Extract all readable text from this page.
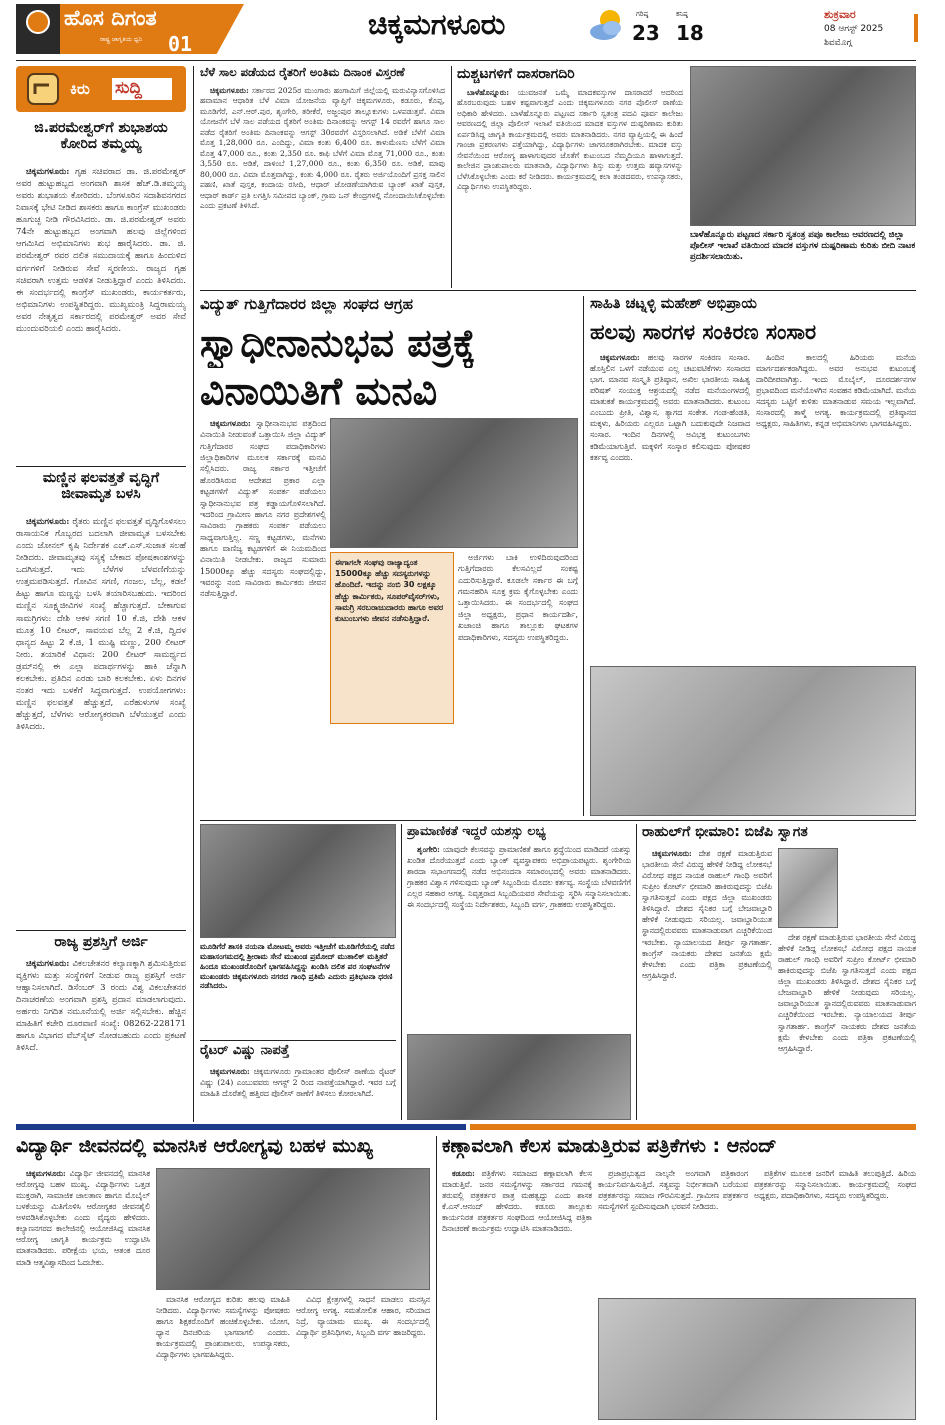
ಹೊಸ ದಿಗಂತ
ರಾಷ್ಟ್ರ ಜಾಗೃತಿಯ ಧ್ವನಿ	01
ಚಿಕ್ಕಮಗಳೂರು	ಗರಿಷ್ಠ
23
ಕನಿಷ್ಠ
18
ಶುಕ್ರವಾರ
08 ಆಗಸ್ಟ್ 2025
ಶಿವಮೊಗ್ಗ
ಕಿರು	ಸುದ್ದಿ
ಜಿ.ಪರಮೇಶ್ವರ್‌ಗೆ ಶುಭಾಶಯ ಕೋರಿದ ತಮ್ಮಯ್ಯ

ಚಿಕ್ಕಮಗಳೂರು: ಗೃಹ ಸಚಿವರಾದ ಡಾ. ಜಿ.ಪರಮೇಶ್ವರ್ ಅವರ ಹುಟ್ಟುಹಬ್ಬದ ಅಂಗವಾಗಿ ಶಾಸಕ ಹೆಚ್.ಡಿ.ತಮ್ಮಯ್ಯ ಅವರು ಶುಭಾಶಯ ಕೋರಿದರು. ಬೆಂಗಳೂರಿನ ಸದಾಶಿವನಗರದ ನಿವಾಸಕ್ಕೆ ಭೇಟಿ ನೀಡಿದ ಶಾಸಕರು ಹಾಗೂ ಕಾಂಗ್ರೆಸ್ ಮುಖಂಡರು ಹೂಗುಚ್ಛ ನೀಡಿ ಗೌರವಿಸಿದರು. ಡಾ. ಜಿ.ಪರಮೇಶ್ವರ್ ಅವರು 74ನೇ ಹುಟ್ಟುಹಬ್ಬದ ಅಂಗವಾಗಿ ಹಲವು ಜಿಲ್ಲೆಗಳಿಂದ ಆಗಮಿಸಿದ ಅಭಿಮಾನಿಗಳು ಶುಭ ಹಾರೈಸಿದರು. ಡಾ. ಜಿ. ಪರಮೇಶ್ವರ್ ರವರ ದಲಿತ ಸಮುದಾಯಕ್ಕೆ ಹಾಗೂ ಹಿಂದುಳಿದ ವರ್ಗಗಳಿಗೆ ನೀಡಿರುವ ಸೇವೆ ಸ್ಮರಣೀಯ. ರಾಜ್ಯದ ಗೃಹ ಸಚಿವರಾಗಿ ಉತ್ತಮ ಆಡಳಿತ ನೀಡುತ್ತಿದ್ದಾರೆ ಎಂದು ತಿಳಿಸಿದರು. ಈ ಸಂದರ್ಭದಲ್ಲಿ ಕಾಂಗ್ರೆಸ್ ಮುಖಂಡರು, ಕಾರ್ಯಕರ್ತರು, ಅಭಿಮಾನಿಗಳು ಉಪಸ್ಥಿತರಿದ್ದರು. ಮುಖ್ಯಮಂತ್ರಿ ಸಿದ್ದರಾಮಯ್ಯ ಅವರ ನೇತೃತ್ವದ ಸರ್ಕಾರದಲ್ಲಿ ಪರಮೇಶ್ವರ್ ಅವರ ಸೇವೆ ಮುಂದುವರಿಯಲಿ ಎಂದು ಹಾರೈಸಿದರು.

ಮಣ್ಣಿನ ಫಲವತ್ತತೆ ವೃದ್ಧಿಗೆ ಜೀವಾಮೃತ ಬಳಸಿ

ಚಿಕ್ಕಮಗಳೂರು: ರೈತರು ಮಣ್ಣಿನ ಫಲವತ್ತತೆ ವೃದ್ಧಿಗೊಳಿಸಲು ರಾಸಾಯನಿಕ ಗೊಬ್ಬರದ ಬದಲಾಗಿ ಜೀವಾಮೃತ ಬಳಸಬೇಕು ಎಂದು ಜೋನಲ್ ಕೃಷಿ ನಿರ್ದೇಶಕ ಎಚ್.ಎಸ್.ಸುಜಾತ ಸಲಹೆ ನೀಡಿದರು. ಜೀವಾಮೃತವು ಸಸ್ಯಕ್ಕೆ ಬೇಕಾದ ಪೋಷಕಾಂಶಗಳನ್ನು ಒದಗಿಸುತ್ತದೆ. ಇದು ಬೆಳೆಗಳ ಬೆಳವಣಿಗೆಯನ್ನು ಉತ್ತಮಪಡಿಸುತ್ತದೆ. ಗೋವಿನ ಸಗಣಿ, ಗಂಜಲ, ಬೆಲ್ಲ, ಕಡಲೆ ಹಿಟ್ಟು ಹಾಗೂ ಮಣ್ಣನ್ನು ಬಳಸಿ ತಯಾರಿಸಬಹುದು. ಇದರಿಂದ ಮಣ್ಣಿನ ಸೂಕ್ಷ್ಮಜೀವಿಗಳ ಸಂಖ್ಯೆ ಹೆಚ್ಚಾಗುತ್ತದೆ. ಬೇಕಾಗುವ ಸಾಮಗ್ರಿಗಳು: ದೇಶಿ ಆಕಳ ಸಗಣಿ 10 ಕೆ.ಜಿ, ದೇಶಿ ಆಕಳ ಮೂತ್ರ 10 ಲೀಟರ್, ಸಾವಯವ ಬೆಲ್ಲ 2 ಕೆ.ಜಿ, ದ್ವಿದಳ ಧಾನ್ಯದ ಹಿಟ್ಟು 2 ಕೆ.ಜಿ, 1 ಮುಷ್ಟಿ ಮಣ್ಣು, 200 ಲೀಟರ್ ನೀರು. ತಯಾರಿಕೆ ವಿಧಾನ: 200 ಲೀಟರ್ ಸಾಮರ್ಥ್ಯದ ಡ್ರಮ್‌ನಲ್ಲಿ ಈ ಎಲ್ಲಾ ಪದಾರ್ಥಗಳನ್ನು ಹಾಕಿ ಚೆನ್ನಾಗಿ ಕಲಕಬೇಕು. ಪ್ರತಿದಿನ ಎರಡು ಬಾರಿ ಕಲಕಬೇಕು. ಏಳು ದಿನಗಳ ನಂತರ ಇದು ಬಳಕೆಗೆ ಸಿದ್ಧವಾಗುತ್ತದೆ. ಉಪಯೋಗಗಳು: ಮಣ್ಣಿನ ಫಲವತ್ತತೆ ಹೆಚ್ಚುತ್ತದೆ, ಎರೆಹುಳುಗಳ ಸಂಖ್ಯೆ ಹೆಚ್ಚುತ್ತದೆ, ಬೆಳೆಗಳು ಆರೋಗ್ಯಕರವಾಗಿ ಬೆಳೆಯುತ್ತವೆ ಎಂದು ತಿಳಿಸಿದರು.

ರಾಜ್ಯ ಪ್ರಶಸ್ತಿಗೆ ಅರ್ಜಿ

ಚಿಕ್ಕಮಗಳೂರು: ವಿಕಲಚೇತನರ ಕಲ್ಯಾಣಕ್ಕಾಗಿ ಶ್ರಮಿಸುತ್ತಿರುವ ವ್ಯಕ್ತಿಗಳು ಮತ್ತು ಸಂಸ್ಥೆಗಳಿಗೆ ನೀಡುವ ರಾಜ್ಯ ಪ್ರಶಸ್ತಿಗೆ ಅರ್ಜಿ ಆಹ್ವಾನಿಸಲಾಗಿದೆ. ಡಿಸೆಂಬರ್ 3 ರಂದು ವಿಶ್ವ ವಿಕಲಚೇತನರ ದಿನಾಚರಣೆಯ ಅಂಗವಾಗಿ ಪ್ರಶಸ್ತಿ ಪ್ರದಾನ ಮಾಡಲಾಗುವುದು. ಅರ್ಹರು ನಿಗದಿತ ನಮೂನೆಯಲ್ಲಿ ಅರ್ಜಿ ಸಲ್ಲಿಸಬೇಕು. ಹೆಚ್ಚಿನ ಮಾಹಿತಿಗೆ ಕಚೇರಿ ದೂರವಾಣಿ ಸಂಖ್ಯೆ: 08262-228171 ಹಾಗೂ ವಿಭಾಗದ ವೆಬ್‌ಸೈಟ್ ನೋಡಬಹುದು ಎಂದು ಪ್ರಕಟಣೆ ತಿಳಿಸಿದೆ.

ಬೆಳೆ ಸಾಲ ಪಡೆಯದ ರೈತರಿಗೆ ಅಂತಿಮ ದಿನಾಂಕ ವಿಸ್ತರಣೆ

ಚಿಕ್ಕಮಗಳೂರು: ಸರ್ಕಾರದ 2025ರ ಮುಂಗಾರು ಹಂಗಾಮಿಗೆ ಜಿಲ್ಲೆಯಲ್ಲಿ ಮರುವಿನ್ಯಾಸಗೊಳಿಸಿದ ಹವಾಮಾನ ಆಧಾರಿತ ಬೆಳೆ ವಿಮಾ ಯೋಜನೆಯ ವ್ಯಾಪ್ತಿಗೆ ಚಿಕ್ಕಮಗಳೂರು, ಕಡೂರು, ಕೊಪ್ಪ, ಮೂಡಿಗೆರೆ, ಎನ್.ಆರ್.ಪುರ, ಶೃಂಗೇರಿ, ತರೀಕೆರೆ, ಅಜ್ಜಂಪುರ ತಾಲ್ಲೂಕುಗಳು ಒಳಪಡುತ್ತವೆ. ವಿಮಾ ಯೋಜನೆಗೆ ಬೆಳೆ ಸಾಲ ಪಡೆಯದ ರೈತರಿಗೆ ಅಂತಿಮ ದಿನಾಂಕವನ್ನು ಆಗಸ್ಟ್ 14 ರವರೆಗೆ ಹಾಗೂ ಸಾಲ ಪಡೆದ ರೈತರಿಗೆ ಅಂತಿಮ ದಿನಾಂಕವನ್ನು ಆಗಸ್ಟ್ 30ರವರೆಗೆ ವಿಸ್ತರಿಸಲಾಗಿದೆ. ಅಡಿಕೆ ಬೆಳೆಗೆ ವಿಮಾ ಮೊತ್ತ 1,28,000 ರೂ. ಎಂದಿದ್ದು, ವಿಮಾ ಕಂತು 6,400 ರೂ. ಕಾಳುಮೆಣಸು ಬೆಳೆಗೆ ವಿಮಾ ಮೊತ್ತ 47,000 ರೂ., ಕಂತು 2,350 ರೂ. ಕಾಫಿ ಬೆಳೆಗೆ ವಿಮಾ ಮೊತ್ತ 71,000 ರೂ., ಕಂತು 3,550 ರೂ. ಅಡಿಕೆ, ದಾಳಿಂಬೆ 1,27,000 ರೂ., ಕಂತು 6,350 ರೂ. ಅಡಿಕೆ, ಮಾವು 80,000 ರೂ. ವಿಮಾ ಮೊತ್ತವಾಗಿದ್ದು, ಕಂತು 4,000 ರೂ. ರೈತರು ಅರ್ಜಿಯೊಂದಿಗೆ ಪ್ರಸಕ್ತ ಸಾಲಿನ ಪಹಣಿ, ಖಾತೆ ಪುಸ್ತಕ, ಕಂದಾಯ ರಸೀದಿ, ಆಧಾರ್ ಜೋಡಣೆಯಾಗಿರುವ ಬ್ಯಾಂಕ್ ಖಾತೆ ಪುಸ್ತಕ, ಆಧಾರ್ ಕಾರ್ಡ್ ಪ್ರತಿ ಲಗತ್ತಿಸಿ ಸಮೀಪದ ಬ್ಯಾಂಕ್, ಗ್ರಾಮ ಒನ್ ಕೇಂದ್ರಗಳಲ್ಲಿ ನೋಂದಾಯಿಸಿಕೊಳ್ಳಬೇಕು ಎಂದು ಪ್ರಕಟಣೆ ತಿಳಿಸಿದೆ.

ದುಶ್ಚಟಗಳಿಗೆ ದಾಸರಾಗದಿರಿ

ಬಾಳೆಹೊನ್ನೂರು: ಯುವಜನತೆ ಒಮ್ಮೆ ಮಾದಕವಸ್ತುಗಳ ದಾಸರಾದರೆ ಅದರಿಂದ ಹೊರಬರುವುದು ಬಹಳ ಕಷ್ಟವಾಗುತ್ತದೆ ಎಂದು ಚಿಕ್ಕಮಗಳೂರು ನಗರ ಪೊಲೀಸ್ ಠಾಣೆಯ ಅಧಿಕಾರಿ ಹೇಳಿದರು. ಬಾಳೆಹೊನ್ನೂರು ಪಟ್ಟಣದ ಸರ್ಕಾರಿ ಸ್ವತಂತ್ರ ಪದವಿ ಪೂರ್ವ ಕಾಲೇಜು ಆವರಣದಲ್ಲಿ ಜಿಲ್ಲಾ ಪೊಲೀಸ್ ಇಲಾಖೆ ವತಿಯಿಂದ ಮಾದಕ ವಸ್ತುಗಳ ದುಷ್ಪರಿಣಾಮ ಕುರಿತು ಏರ್ಪಡಿಸಿದ್ದ ಜಾಗೃತಿ ಕಾರ್ಯಕ್ರಮದಲ್ಲಿ ಅವರು ಮಾತನಾಡಿದರು. ನಗರ ವ್ಯಾಪ್ತಿಯಲ್ಲಿ ಈ ಹಿಂದೆ ಗಾಂಜಾ ಪ್ರಕರಣಗಳು ಪತ್ತೆಯಾಗಿದ್ದು, ವಿದ್ಯಾರ್ಥಿಗಳು ಜಾಗರೂಕರಾಗಿರಬೇಕು. ಮಾದಕ ವಸ್ತು ಸೇವನೆಯಿಂದ ಆರೋಗ್ಯ ಹಾಳಾಗುವುದರ ಜೊತೆಗೆ ಕುಟುಂಬದ ನೆಮ್ಮದಿಯೂ ಹಾಳಾಗುತ್ತದೆ. ಕಾಲೇಜಿನ ಪ್ರಾಂಶುಪಾಲರು ಮಾತನಾಡಿ, ವಿದ್ಯಾರ್ಥಿಗಳು ಶಿಸ್ತು ಮತ್ತು ಉತ್ತಮ ಹವ್ಯಾಸಗಳನ್ನು ಬೆಳೆಸಿಕೊಳ್ಳಬೇಕು ಎಂದು ಕರೆ ನೀಡಿದರು. ಕಾರ್ಯಕ್ರಮದಲ್ಲಿ ಕಲಾ ತಂಡದವರು, ಉಪನ್ಯಾಸಕರು, ವಿದ್ಯಾರ್ಥಿಗಳು ಉಪಸ್ಥಿತರಿದ್ದರು.

ಬಾಳೆಹೊನ್ನೂರು ಪಟ್ಟಣದ ಸರ್ಕಾರಿ ಸ್ವತಂತ್ರ ಪಪೂ ಕಾಲೇಜು ಆವರಣದಲ್ಲಿ ಜಿಲ್ಲಾ ಪೊಲೀಸ್ ಇಲಾಖೆ ವತಿಯಿಂದ ಮಾದಕ ವಸ್ತುಗಳ ದುಷ್ಪರಿಣಾಮ ಕುರಿತು ಬೀದಿ ನಾಟಕ ಪ್ರದರ್ಶಿಸಲಾಯಿತು.
ವಿದ್ಯುತ್ ಗುತ್ತಿಗೆದಾರರ ಜಿಲ್ಲಾ ಸಂಘದ ಆಗ್ರಹ
ಸ್ವಾಧೀನಾನುಭವ ಪತ್ರಕ್ಕೆ
ವಿನಾಯಿತಿಗೆ ಮನವಿ

ಚಿಕ್ಕಮಗಳೂರು: ಸ್ವಾಧೀನಾನುಭವ ಪತ್ರದಿಂದ ವಿನಾಯಿತಿ ನೀಡುವಂತೆ ಒತ್ತಾಯಿಸಿ ಜಿಲ್ಲಾ ವಿದ್ಯುತ್ ಗುತ್ತಿಗೆದಾರರ ಸಂಘದ ಪದಾಧಿಕಾರಿಗಳು ಜಿಲ್ಲಾಧಿಕಾರಿಗಳ ಮೂಲಕ ಸರ್ಕಾರಕ್ಕೆ ಮನವಿ ಸಲ್ಲಿಸಿದರು. ರಾಜ್ಯ ಸರ್ಕಾರ ಇತ್ತೀಚೆಗೆ ಹೊರಡಿಸಿರುವ ಆದೇಶದ ಪ್ರಕಾರ ಎಲ್ಲಾ ಕಟ್ಟಡಗಳಿಗೆ ವಿದ್ಯುತ್ ಸಂಪರ್ಕ ಪಡೆಯಲು ಸ್ವಾಧೀನಾನುಭವ ಪತ್ರ ಕಡ್ಡಾಯಗೊಳಿಸಲಾಗಿದೆ. ಇದರಿಂದ ಗ್ರಾಮೀಣ ಹಾಗೂ ನಗರ ಪ್ರದೇಶಗಳಲ್ಲಿ ಸಾವಿರಾರು ಗ್ರಾಹಕರು ಸಂಪರ್ಕ ಪಡೆಯಲು ಸಾಧ್ಯವಾಗುತ್ತಿಲ್ಲ. ಸಣ್ಣ ಕಟ್ಟಡಗಳು, ಮನೆಗಳು ಹಾಗೂ ವಾಣಿಜ್ಯ ಕಟ್ಟಡಗಳಿಗೆ ಈ ನಿಯಮದಿಂದ ವಿನಾಯಿತಿ ನೀಡಬೇಕು. ರಾಜ್ಯದ ಸುಮಾರು 15000ಕ್ಕೂ ಹೆಚ್ಚು ಸದಸ್ಯರು ಸಂಘದಲ್ಲಿದ್ದು, ಇವರನ್ನು ನಂಬಿ ಸಾವಿರಾರು ಕಾರ್ಮಿಕರು ಜೀವನ ನಡೆಸುತ್ತಿದ್ದಾರೆ.

ಈಗಾಗಲೇ ಸಂಘವು ರಾಜ್ಯಾದ್ಯಂತ 15000ಕ್ಕೂ ಹೆಚ್ಚು ಸದಸ್ಯರುಗಳನ್ನು ಹೊಂದಿದೆ. ಇದನ್ನು ನಂಬಿ 30 ಲಕ್ಷಕ್ಕೂ ಹೆಚ್ಚು ಕಾರ್ಮಿಕರು, ಸೂಪರ್‌ವೈಸರ್‌ಗಳು, ಸಾಮಗ್ರಿ ಸರಬರಾಜುದಾರರು ಹಾಗೂ ಅವರ ಕುಟುಂಬಗಳು ಜೀವನ ನಡೆಸುತ್ತಿದ್ದಾರೆ.

ಅರ್ಜಿಗಳು ಬಾಕಿ ಉಳಿದಿರುವುದರಿಂದ ಗುತ್ತಿಗೆದಾರರು ಕೆಲಸವಿಲ್ಲದೆ ಸಂಕಷ್ಟ ಎದುರಿಸುತ್ತಿದ್ದಾರೆ. ಕೂಡಲೇ ಸರ್ಕಾರ ಈ ಬಗ್ಗೆ ಗಮನಹರಿಸಿ ಸೂಕ್ತ ಕ್ರಮ ಕೈಗೊಳ್ಳಬೇಕು ಎಂದು ಒತ್ತಾಯಿಸಿದರು. ಈ ಸಂದರ್ಭದಲ್ಲಿ ಸಂಘದ ಜಿಲ್ಲಾ ಅಧ್ಯಕ್ಷರು, ಪ್ರಧಾನ ಕಾರ್ಯದರ್ಶಿ, ಖಜಾಂಚಿ ಹಾಗೂ ತಾಲ್ಲೂಕು ಘಟಕಗಳ ಪದಾಧಿಕಾರಿಗಳು, ಸದಸ್ಯರು ಉಪಸ್ಥಿತರಿದ್ದರು.

ಸಾಹಿತಿ ಚಟ್ನಳ್ಳಿ ಮಹೇಶ್ ಅಭಿಪ್ರಾಯ
ಹಲವು ಸಾರಗಳ ಸಂಕಿರಣ ಸಂಸಾರ

ಚಿಕ್ಕಮಗಳೂರು: ಹಲವು ಸಾರಗಳ ಸಂಕಿರಣ ಸಂಸಾರ. ಹೊಸ್ತಿಲಿನ ಒಳಗೆ ನಡೆಯುವ ಎಲ್ಲ ಚಟುವಟಿಕೆಗಳು ಸಂಸಾರದ ಭಾಗ. ಮಾನವ ಸಂಸ್ಕೃತಿ ಪ್ರತಿಷ್ಠಾನ, ಅಖಿಲ ಭಾರತೀಯ ಸಾಹಿತ್ಯ ಪರಿಷತ್ ಸಂಯುಕ್ತ ಆಶ್ರಯದಲ್ಲಿ ನಡೆದ ಮನೆಯಂಗಳದಲ್ಲಿ ಮಾತುಕತೆ ಕಾರ್ಯಕ್ರಮದಲ್ಲಿ ಅವರು ಮಾತನಾಡಿದರು. ಕುಟುಂಬ ಎಂಬುದು ಪ್ರೀತಿ, ವಿಶ್ವಾಸ, ತ್ಯಾಗದ ಸಂಕೇತ. ಗಂಡ-ಹೆಂಡತಿ, ಮಕ್ಕಳು, ಹಿರಿಯರು ಎಲ್ಲರೂ ಒಟ್ಟಾಗಿ ಬದುಕುವುದೇ ನಿಜವಾದ ಸಂಸಾರ. ಇಂದಿನ ದಿನಗಳಲ್ಲಿ ಅವಿಭಕ್ತ ಕುಟುಂಬಗಳು ಕಡಿಮೆಯಾಗುತ್ತಿವೆ. ಮಕ್ಕಳಿಗೆ ಸಂಸ್ಕಾರ ಕಲಿಸುವುದು ಪೋಷಕರ ಕರ್ತವ್ಯ ಎಂದರು.

ಹಿಂದಿನ ಕಾಲದಲ್ಲಿ ಹಿರಿಯರು ಮನೆಯ ಮಾರ್ಗದರ್ಶಕರಾಗಿದ್ದರು. ಅವರ ಅನುಭವ ಕುಟುಂಬಕ್ಕೆ ದಾರಿದೀಪವಾಗಿತ್ತು. ಇಂದು ಮೊಬೈಲ್, ದೂರದರ್ಶನಗಳ ಪ್ರಭಾವದಿಂದ ಮನೆಯೊಳಗಿನ ಸಂವಹನ ಕಡಿಮೆಯಾಗಿದೆ. ಮನೆಯ ಸದಸ್ಯರು ಒಟ್ಟಿಗೆ ಕುಳಿತು ಮಾತನಾಡುವ ಸಮಯ ಇಲ್ಲವಾಗಿದೆ. ಸಂಸಾರದಲ್ಲಿ ತಾಳ್ಮೆ ಅಗತ್ಯ. ಕಾರ್ಯಕ್ರಮದಲ್ಲಿ ಪ್ರತಿಷ್ಠಾನದ ಅಧ್ಯಕ್ಷರು, ಸಾಹಿತಿಗಳು, ಕನ್ನಡ ಅಭಿಮಾನಿಗಳು ಭಾಗವಹಿಸಿದ್ದರು.

ಮೂಡಿಗೆರೆ ಶಾಸಕಿ ನಯನಾ ಮೋಟಮ್ಮ ಅವರು ಇತ್ತೀಚೆಗೆ ಮೂಡಿಗೆರೆಯಲ್ಲಿ ನಡೆದ ಮಹಾಸಂಗಮದಲ್ಲಿ ಶ್ರೀರಾಮ ಸೇನೆ ಮುಖಂಡ ಪ್ರಮೋದ್ ಮುತಾಲಿಕ್ ಮತ್ತಿತರೆ ಹಿಂದೂ ಮುಖಂಡರೊಂದಿಗೆ ಭಾಗವಹಿಸಿದ್ದನ್ನು ಖಂಡಿಸಿ ದಲಿತ ಪರ ಸಂಘಟನೆಗಳ ಮುಖಂಡರು ಚಿಕ್ಕಮಗಳೂರು ನಗರದ ಗಾಂಧಿ ಪ್ರತಿಮೆ ಎದುರು ಪ್ರತಿಭಟನಾ ಧರಣಿ ನಡೆಸಿದರು.
ರೈಟರ್ ವಿಷ್ಣು ನಾಪತ್ತೆ

ಚಿಕ್ಕಮಗಳೂರು: ಚಿಕ್ಕಮಗಳೂರು ಗ್ರಾಮಾಂತರ ಪೊಲೀಸ್ ಠಾಣೆಯ ರೈಟರ್ ವಿಷ್ಣು (24) ಎಂಬುವವರು ಆಗಸ್ಟ್ 2 ರಿಂದ ನಾಪತ್ತೆಯಾಗಿದ್ದಾರೆ. ಇವರ ಬಗ್ಗೆ ಮಾಹಿತಿ ದೊರೆತಲ್ಲಿ ಹತ್ತಿರದ ಪೊಲೀಸ್ ಠಾಣೆಗೆ ತಿಳಿಸಲು ಕೋರಲಾಗಿದೆ.

ಪ್ರಾಮಾಣಿಕತೆ ಇದ್ದರೆ ಯಶಸ್ಸು ಲಭ್ಯ

ಶೃಂಗೇರಿ: ಯಾವುದೇ ಕೆಲಸವನ್ನು ಪ್ರಾಮಾಣಿಕತೆ ಹಾಗೂ ಶ್ರದ್ಧೆಯಿಂದ ಮಾಡಿದರೆ ಯಶಸ್ಸು ಖಂಡಿತ ದೊರೆಯುತ್ತದೆ ಎಂದು ಬ್ಯಾಂಕ್ ವ್ಯವಸ್ಥಾಪಕರು ಅಭಿಪ್ರಾಯಪಟ್ಟರು. ಶೃಂಗೇರಿಯ ಶಾರದಾ ಸಭಾಂಗಣದಲ್ಲಿ ನಡೆದ ಅಭಿನಂದನಾ ಸಮಾರಂಭದಲ್ಲಿ ಅವರು ಮಾತನಾಡಿದರು. ಗ್ರಾಹಕರ ವಿಶ್ವಾಸ ಗಳಿಸುವುದು ಬ್ಯಾಂಕ್ ಸಿಬ್ಬಂದಿಯ ಮೊದಲ ಕರ್ತವ್ಯ. ಸಂಸ್ಥೆಯ ಬೆಳವಣಿಗೆಗೆ ಎಲ್ಲರ ಸಹಕಾರ ಅಗತ್ಯ. ನಿವೃತ್ತರಾದ ಸಿಬ್ಬಂದಿಯವರ ಸೇವೆಯನ್ನು ಸ್ಮರಿಸಿ ಸನ್ಮಾನಿಸಲಾಯಿತು. ಈ ಸಂದರ್ಭದಲ್ಲಿ ಸಂಸ್ಥೆಯ ನಿರ್ದೇಶಕರು, ಸಿಬ್ಬಂದಿ ವರ್ಗ, ಗ್ರಾಹಕರು ಉಪಸ್ಥಿತರಿದ್ದರು.

ರಾಹುಲ್‌ಗೆ ಭೀಮಾರಿ: ಬಿಜೆಪಿ ಸ್ವಾಗತ

ಚಿಕ್ಕಮಗಳೂರು: ದೇಶ ರಕ್ಷಣೆ ಮಾಡುತ್ತಿರುವ ಭಾರತೀಯ ಸೇನೆ ವಿರುದ್ಧ ಹೇಳಿಕೆ ನೀಡಿದ್ದ ಲೋಕಸಭೆ ವಿರೋಧ ಪಕ್ಷದ ನಾಯಕ ರಾಹುಲ್ ಗಾಂಧಿ ಅವರಿಗೆ ಸುಪ್ರೀಂ ಕೋರ್ಟ್ ಛೀಮಾರಿ ಹಾಕಿರುವುದನ್ನು ಬಿಜೆಪಿ ಸ್ವಾಗತಿಸುತ್ತದೆ ಎಂದು ಪಕ್ಷದ ಜಿಲ್ಲಾ ಮುಖಂಡರು ತಿಳಿಸಿದ್ದಾರೆ. ದೇಶದ ಸೈನಿಕರ ಬಗ್ಗೆ ಬೇಜವಾಬ್ದಾರಿ ಹೇಳಿಕೆ ನೀಡುವುದು ಸರಿಯಲ್ಲ. ಜವಾಬ್ದಾರಿಯುತ ಸ್ಥಾನದಲ್ಲಿರುವವರು ಮಾತನಾಡುವಾಗ ಎಚ್ಚರಿಕೆಯಿಂದ ಇರಬೇಕು. ನ್ಯಾಯಾಲಯದ ತೀರ್ಪು ಸ್ವಾಗತಾರ್ಹ. ಕಾಂಗ್ರೆಸ್ ನಾಯಕರು ದೇಶದ ಜನತೆಯ ಕ್ಷಮೆ ಕೇಳಬೇಕು ಎಂದು ಪತ್ರಿಕಾ ಪ್ರಕಟಣೆಯಲ್ಲಿ ಆಗ್ರಹಿಸಿದ್ದಾರೆ.

ದೇಶ ರಕ್ಷಣೆ ಮಾಡುತ್ತಿರುವ ಭಾರತೀಯ ಸೇನೆ ವಿರುದ್ಧ ಹೇಳಿಕೆ ನೀಡಿದ್ದ ಲೋಕಸಭೆ ವಿರೋಧ ಪಕ್ಷದ ನಾಯಕ ರಾಹುಲ್ ಗಾಂಧಿ ಅವರಿಗೆ ಸುಪ್ರೀಂ ಕೋರ್ಟ್ ಛೀಮಾರಿ ಹಾಕಿರುವುದನ್ನು ಬಿಜೆಪಿ ಸ್ವಾಗತಿಸುತ್ತದೆ ಎಂದು ಪಕ್ಷದ ಜಿಲ್ಲಾ ಮುಖಂಡರು ತಿಳಿಸಿದ್ದಾರೆ. ದೇಶದ ಸೈನಿಕರ ಬಗ್ಗೆ ಬೇಜವಾಬ್ದಾರಿ ಹೇಳಿಕೆ ನೀಡುವುದು ಸರಿಯಲ್ಲ. ಜವಾಬ್ದಾರಿಯುತ ಸ್ಥಾನದಲ್ಲಿರುವವರು ಮಾತನಾಡುವಾಗ ಎಚ್ಚರಿಕೆಯಿಂದ ಇರಬೇಕು. ನ್ಯಾಯಾಲಯದ ತೀರ್ಪು ಸ್ವಾಗತಾರ್ಹ. ಕಾಂಗ್ರೆಸ್ ನಾಯಕರು ದೇಶದ ಜನತೆಯ ಕ್ಷಮೆ ಕೇಳಬೇಕು ಎಂದು ಪತ್ರಿಕಾ ಪ್ರಕಟಣೆಯಲ್ಲಿ ಆಗ್ರಹಿಸಿದ್ದಾರೆ.

ವಿದ್ಯಾರ್ಥಿ ಜೀವನದಲ್ಲಿ ಮಾನಸಿಕ ಆರೋಗ್ಯವು ಬಹಳ ಮುಖ್ಯ

ಚಿಕ್ಕಮಗಳೂರು: ವಿದ್ಯಾರ್ಥಿ ಜೀವನದಲ್ಲಿ ಮಾನಸಿಕ ಆರೋಗ್ಯವು ಬಹಳ ಮುಖ್ಯ. ವಿದ್ಯಾರ್ಥಿಗಳು ಒತ್ತಡ ಮುಕ್ತರಾಗಿ, ಸಾಮಾಜಿಕ ಜಾಲತಾಣ ಹಾಗೂ ಮೊಬೈಲ್ ಬಳಕೆಯನ್ನು ಮಿತಿಗೊಳಿಸಿ ಆರೋಗ್ಯಕರ ಜೀವನಶೈಲಿ ಅಳವಡಿಸಿಕೊಳ್ಳಬೇಕು ಎಂದು ವೈದ್ಯರು ಹೇಳಿದರು. ಕಲ್ಯಾಣನಗರದ ಕಾಲೇಜಿನಲ್ಲಿ ಆಯೋಜಿಸಿದ್ದ ಮಾನಸಿಕ ಆರೋಗ್ಯ ಜಾಗೃತಿ ಕಾರ್ಯಕ್ರಮ ಉದ್ಘಾಟಿಸಿ ಮಾತನಾಡಿದರು. ಪರೀಕ್ಷೆಯ ಭಯ, ಆತಂಕ ದೂರ ಮಾಡಿ ಆತ್ಮವಿಶ್ವಾಸದಿಂದ ಓದಬೇಕು.

ಮಾನಸಿಕ ಆರೋಗ್ಯದ ಕುರಿತು ಹಲವು ಮಾಹಿತಿ ನೀಡಿದರು. ವಿದ್ಯಾರ್ಥಿಗಳು ಸಮಸ್ಯೆಗಳನ್ನು ಪೋಷಕರು ಹಾಗೂ ಶಿಕ್ಷಕರೊಂದಿಗೆ ಹಂಚಿಕೊಳ್ಳಬೇಕು. ಯೋಗ, ಧ್ಯಾನ ದಿನಚರಿಯ ಭಾಗವಾಗಲಿ ಎಂದರು. ಕಾರ್ಯಕ್ರಮದಲ್ಲಿ ಪ್ರಾಂಶುಪಾಲರು, ಉಪನ್ಯಾಸಕರು, ವಿದ್ಯಾರ್ಥಿಗಳು ಭಾಗವಹಿಸಿದ್ದರು.

ವಿವಿಧ ಕ್ಷೇತ್ರಗಳಲ್ಲಿ ಸಾಧನೆ ಮಾಡಲು ಮನಸ್ಸಿನ ಆರೋಗ್ಯ ಅಗತ್ಯ. ಸಮತೋಲಿತ ಆಹಾರ, ಸರಿಯಾದ ನಿದ್ರೆ, ವ್ಯಾಯಾಮ ಮುಖ್ಯ. ಈ ಸಂದರ್ಭದಲ್ಲಿ ವಿದ್ಯಾರ್ಥಿ ಪ್ರತಿನಿಧಿಗಳು, ಸಿಬ್ಬಂದಿ ವರ್ಗ ಹಾಜರಿದ್ದರು.

ಕಣ್ಗಾವಲಾಗಿ ಕೆಲಸ ಮಾಡುತ್ತಿರುವ ಪತ್ರಿಕೆಗಳು : ಆನಂದ್

ಕಡೂರು: ಪತ್ರಿಕೆಗಳು ಸಮಾಜದ ಕಣ್ಗಾವಲಾಗಿ ಕೆಲಸ ಮಾಡುತ್ತಿವೆ. ಜನರ ಸಮಸ್ಯೆಗಳನ್ನು ಸರ್ಕಾರದ ಗಮನಕ್ಕೆ ತರುವಲ್ಲಿ ಪತ್ರಕರ್ತರ ಪಾತ್ರ ಮಹತ್ವದ್ದು ಎಂದು ಶಾಸಕ ಕೆ.ಎಸ್.ಆನಂದ್ ಹೇಳಿದರು. ಕಡೂರು ತಾಲ್ಲೂಕು ಕಾರ್ಯನಿರತ ಪತ್ರಕರ್ತರ ಸಂಘದಿಂದ ಆಯೋಜಿಸಿದ್ದ ಪತ್ರಿಕಾ ದಿನಾಚರಣೆ ಕಾರ್ಯಕ್ರಮ ಉದ್ಘಾಟಿಸಿ ಮಾತನಾಡಿದರು.

ಪ್ರಜಾಪ್ರಭುತ್ವದ ನಾಲ್ಕನೇ ಅಂಗವಾಗಿ ಪತ್ರಿಕಾರಂಗ ಕಾರ್ಯನಿರ್ವಹಿಸುತ್ತಿದೆ. ಸತ್ಯವನ್ನು ನಿರ್ಭೀತವಾಗಿ ಬರೆಯುವ ಪತ್ರಕರ್ತರನ್ನು ಸಮಾಜ ಗೌರವಿಸುತ್ತದೆ. ಗ್ರಾಮೀಣ ಪತ್ರಕರ್ತರ ಸಮಸ್ಯೆಗಳಿಗೆ ಸ್ಪಂದಿಸುವುದಾಗಿ ಭರವಸೆ ನೀಡಿದರು.

ಪತ್ರಿಕೆಗಳ ಮೂಲಕ ಜನರಿಗೆ ಮಾಹಿತಿ ತಲುಪುತ್ತಿದೆ. ಹಿರಿಯ ಪತ್ರಕರ್ತರನ್ನು ಸನ್ಮಾನಿಸಲಾಯಿತು. ಕಾರ್ಯಕ್ರಮದಲ್ಲಿ ಸಂಘದ ಅಧ್ಯಕ್ಷರು, ಪದಾಧಿಕಾರಿಗಳು, ಸದಸ್ಯರು ಉಪಸ್ಥಿತರಿದ್ದರು.
